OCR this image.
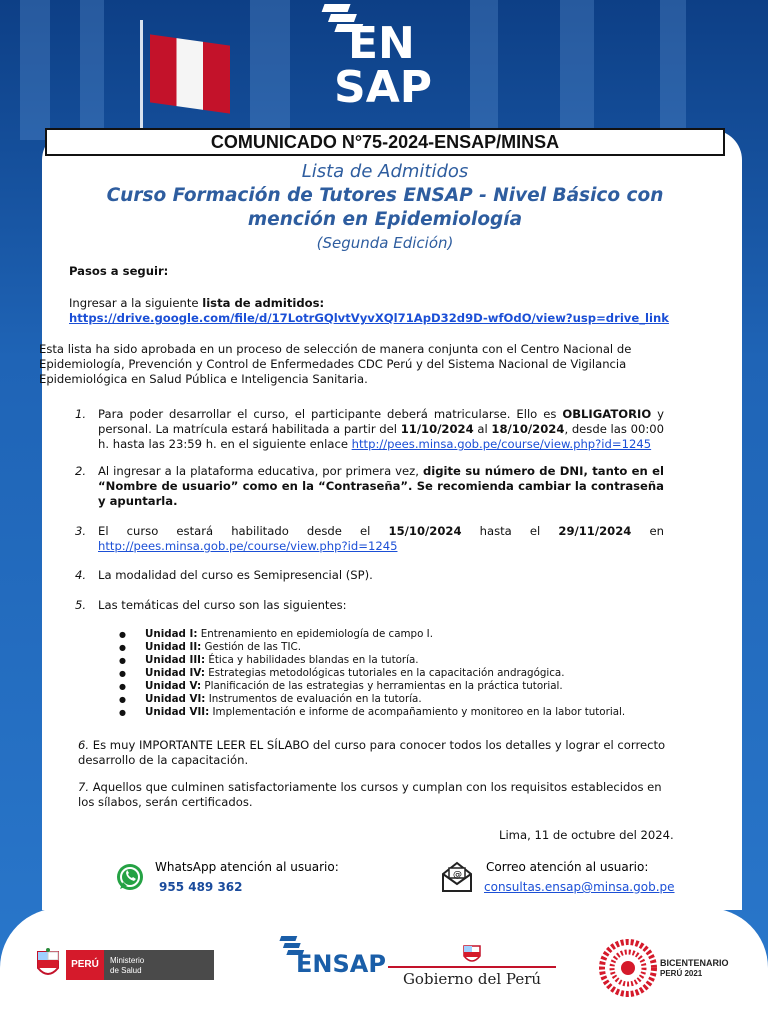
EN
SAP
COMUNICADO N°75-2024-ENSAP/MINSA
Lista de Admitidos
Curso Formación de Tutores ENSAP - Nivel Básico con
mención en Epidemiología
(Segunda Edición)
Pasos a seguir:
Ingresar a la siguiente lista de admitidos:
https://drive.google.com/file/d/17LotrGQlvtVyvXQl71ApD32d9D-wfOdO/view?usp=drive_link
Esta lista ha sido aprobada en un proceso de selección de manera conjunta con el Centro Nacional de Epidemiología, Prevención y Control de Enfermedades CDC Perú y del Sistema Nacional de Vigilancia Epidemiológica en Salud Pública e Inteligencia Sanitaria.
1. Para poder desarrollar el curso, el participante deberá matricularse. Ello es OBLIGATORIO y personal. La matrícula estará habilitada a partir del 11/10/2024 al 18/10/2024, desde las 00:00 h. hasta las 23:59 h. en el siguiente enlace http://pees.minsa.gob.pe/course/view.php?id=1245
2. Al ingresar a la plataforma educativa, por primera vez, digite su número de DNI, tanto en el “Nombre de usuario” como en la “Contraseña”. Se recomienda cambiar la contraseña y apuntarla.
3. El curso estará habilitado desde el 15/10/2024 hasta el 29/11/2024 en http://pees.minsa.gob.pe/course/view.php?id=1245
4. La modalidad del curso es Semipresencial (SP).
5. Las temáticas del curso son las siguientes:
● Unidad I: Entrenamiento en epidemiología de campo I.
● Unidad II: Gestión de las TIC.
● Unidad III: Ética y habilidades blandas en la tutoría.
● Unidad IV: Estrategias metodológicas tutoriales en la capacitación andragógica.
● Unidad V: Planificación de las estrategias y herramientas en la práctica tutorial.
● Unidad VI: Instrumentos de evaluación en la tutoría.
● Unidad VII: Implementación e informe de acompañamiento y monitoreo en la labor tutorial.
6. Es muy IMPORTANTE LEER EL SÍLABO del curso para conocer todos los detalles y lograr el correcto desarrollo de la capacitación.
7. Aquellos que culminen satisfactoriamente los cursos y cumplan con los requisitos establecidos en los sílabos, serán certificados.
Lima, 11 de octubre del 2024.
WhatsApp atención al usuario:
955 489 362
@
Correo atención al usuario:
consultas.ensap@minsa.gob.pe
PERÚ	Ministerio
de Salud	ENSAP
Gobierno del Perú
BICENTENARIO
PERÚ 2021
